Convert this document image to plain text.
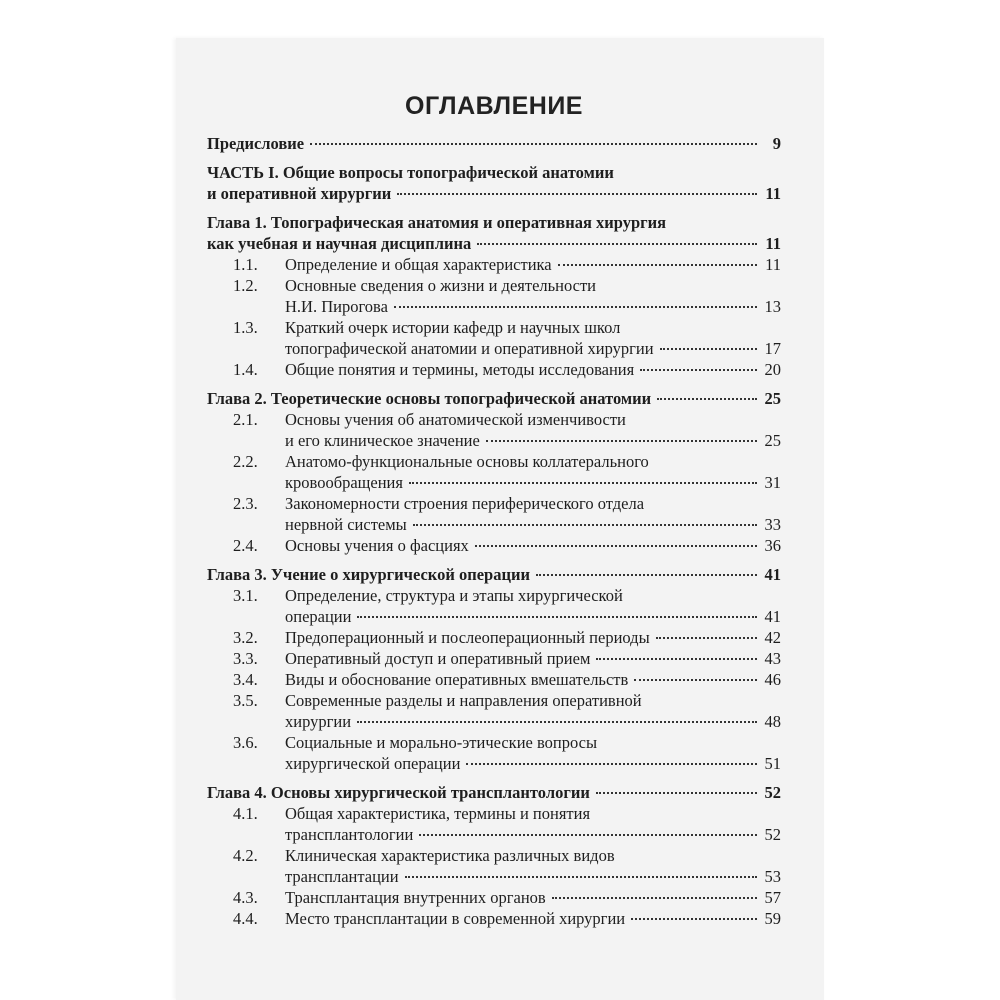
ОГЛАВЛЕНИЕ
Предисловие	9
ЧАСТЬ I. Общие вопросы топографической анатомии
и оперативной хирургии	11
Глава 1. Топографическая анатомия и оперативная хирургия
как учебная и научная дисциплина	11
1.1.	Определение и общая характеристика	11
1.2.	Основные сведения о жизни и деятельности
Н.И. Пирогова	13
1.3.	Краткий очерк истории кафедр и научных школ
топографической анатомии и оперативной хирургии	17
1.4.	Общие понятия и термины, методы исследования	20
Глава 2. Теоретические основы топографической анатомии	25
2.1.	Основы учения об анатомической изменчивости
и его клиническое значение	25
2.2.	Анатомо-функциональные основы коллатерального
кровообращения	31
2.3.	Закономерности строения периферического отдела
нервной системы	33
2.4.	Основы учения о фасциях	36
Глава 3. Учение о хирургической операции	41
3.1.	Определение, структура и этапы хирургической
операции	41
3.2.	Предоперационный и послеоперационный периоды	42
3.3.	Оперативный доступ и оперативный прием	43
3.4.	Виды и обоснование оперативных вмешательств	46
3.5.	Современные разделы и направления оперативной
хирургии	48
3.6.	Социальные и морально-этические вопросы
хирургической операции	51
Глава 4. Основы хирургической трансплантологии	52
4.1.	Общая характеристика, термины и понятия
трансплантологии	52
4.2.	Клиническая характеристика различных видов
трансплантации	53
4.3.	Трансплантация внутренних органов	57
4.4.	Место трансплантации в современной хирургии	59
